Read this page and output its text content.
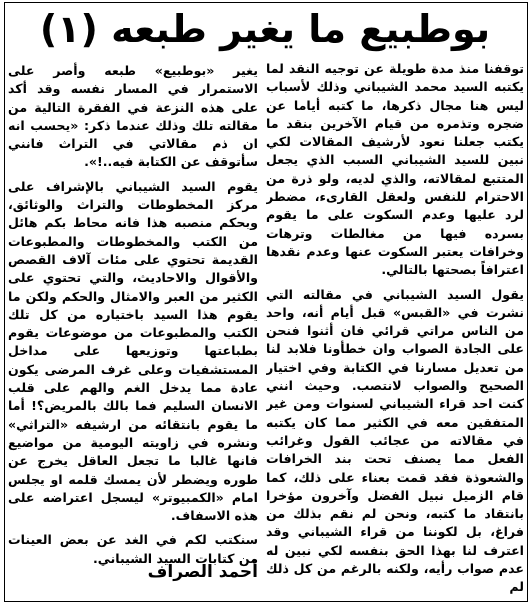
بوطبيع ما يغير طبعه (١)

توقفنا منذ مدة طويلة عن توجيه النقد لما يكتبه السيد محمد الشيباني وذلك لأسباب ليس هنا مجال ذكرها، ما كتبه أياما عن ضجره وتذمره من قيام الآخرين بنقد ما يكتب جعلنا نعود لأرشيف المقالات لكي نبين للسيد الشيباني السبب الذي يجعل المتتبع لمقالاته، والذي لديه، ولو ذرة من الاحترام للنفس ولعقل القارىء، مضطر لرد عليها وعدم السكوت على ما يقوم بسرده فيها من مغالطات وترهات وخرافات يعتبر السكوت عنها وعدم نقدها اعترافاً بصحتها بالتالي.

يقول السيد الشيباني في مقالته التي نشرت في «القبس» قبل أيام أنه، واحد من الناس مراتي قرائي فان أثنوا فنحن على الجادة الصواب وان خطأونا فلابد لنا من تعديل مسارنا في الكتابة وفي اختيار الصحيح والصواب لانتصب. وحيث انني كنت احد قراء الشيباني لسنوات ومن غير المتفقين معه في الكثير مما كان يكتبه في مقالاته من عجائب القول وغرائب الفعل مما يصنف تحت بند الخرافات والشعوذة فقد قمت بعناء على ذلك، كما قام الزميل نبيل الفضل وآخرون مؤخرا بانتقاد ما كتبه، ونحن لم نقم بذلك من فراغ، بل لكوننا من قراء الشيباني وقد اعترف لنا بهذا الحق بنفسه لكي نبين له عدم صواب رأيه، ولكنه بالرغم من كل ذلك لم

يغير «بوطبيع» طبعه وأصر على الاستمرار في المسار نفسه وقد أكد على هذه النزعة في الفقرة التالية من مقالته تلك وذلك عندما ذكر: «يحسب انه ان ذم مقالاتي في التراث فانني سأتوقف عن الكتابة فيه..!».

يقوم السيد الشيباني بالإشراف على مركز المخطوطات والتراث والوثائق، وبحكم منصبه هذا فانه محاط بكم هائل من الكتب والمخطوطات والمطبوعات القديمة تحتوي على مئات آلاف القصص والأقوال والاحاديث، والتي تحتوي على الكثير من العبر والامثال والحكم ولكن ما يقوم هذا السيد باختياره من كل تلك الكتب والمطبوعات من موضوعات يقوم بطباعتها وتوزيعها على مداخل المستشفيات وعلى غرف المرضى يكون عادة مما يدخل الغم والهم على قلب الانسان السليم فما بالك بالمريض؟! أما ما يقوم بانتقائه من ارشيفه «التراثي» ونشره في زاويته اليومية من مواضيع فانها غالبا ما تجعل العاقل يخرج عن طوره ويضطر لأن يمسك قلمه او يجلس امام «الكمبيوتر» ليسجل اعتراضه على هذه الاسفاف.

سنكتب لكم في الغد عن بعض العينات من كتابات السيد الشيباني.

أحمد الصراف
